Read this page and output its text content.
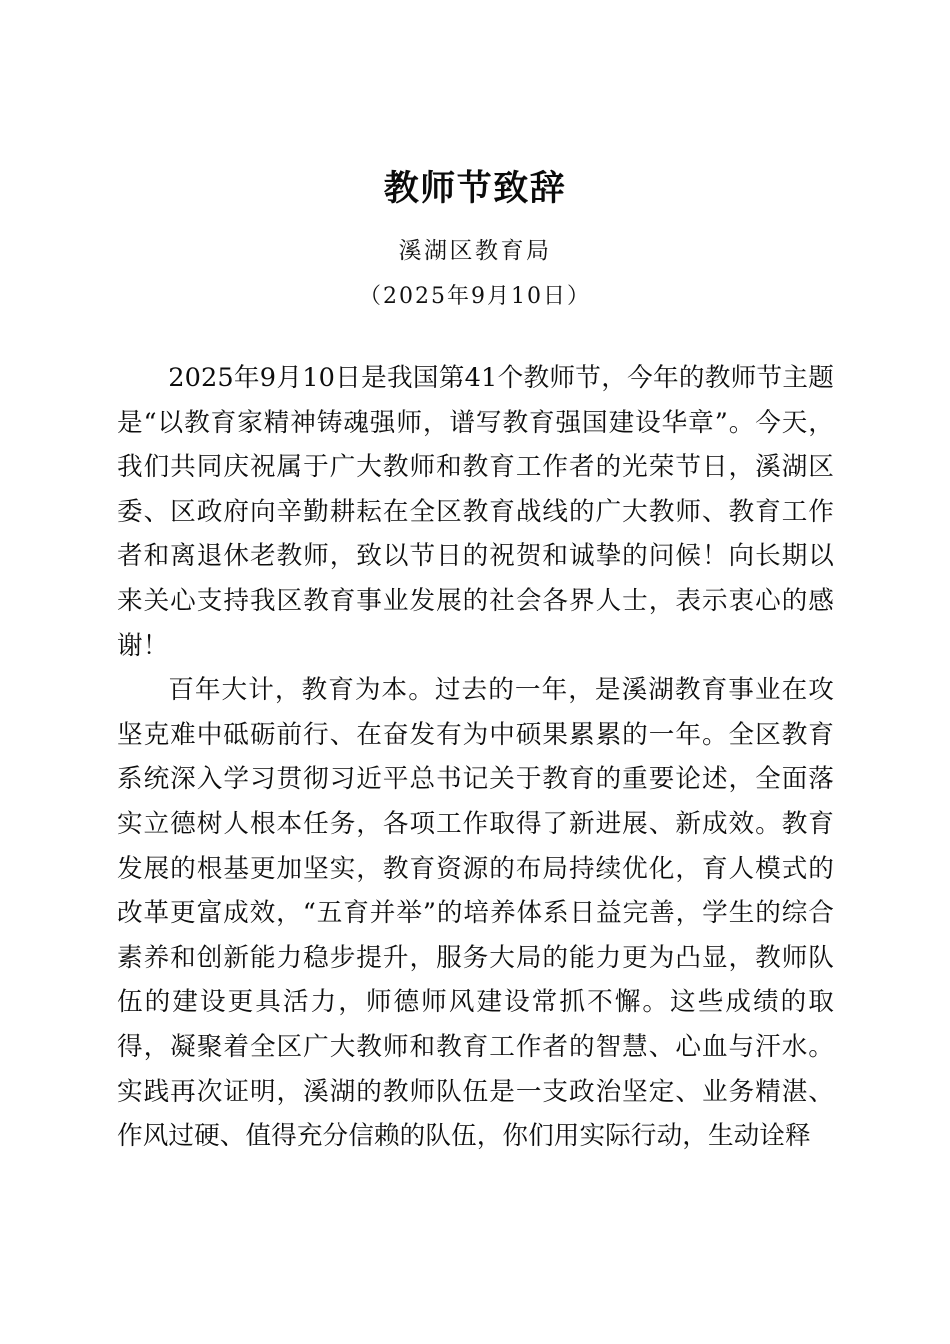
教师节致辞
溪湖区教育局
（2025年9月10日）

2025年9月10日是我国第41个教师节，今年的教师节主题是“以教育家精神铸魂强师，谱写教育强国建设华章”。今天，我们共同庆祝属于广大教师和教育工作者的光荣节日，溪湖区委、区政府向辛勤耕耘在全区教育战线的广大教师、教育工作者和离退休老教师，致以节日的祝贺和诚挚的问候！向长期以来关心支持我区教育事业发展的社会各界人士，表示衷心的感谢！

百年大计，教育为本。过去的一年，是溪湖教育事业在攻坚克难中砥砺前行、在奋发有为中硕果累累的一年。全区教育系统深入学习贯彻习近平总书记关于教育的重要论述，全面落实立德树人根本任务，各项工作取得了新进展、新成效。教育发展的根基更加坚实，教育资源的布局持续优化，育人模式的改革更富成效，“五育并举”的培养体系日益完善，学生的综合素养和创新能力稳步提升，服务大局的能力更为凸显，教师队伍的建设更具活力，师德师风建设常抓不懈。这些成绩的取得，凝聚着全区广大教师和教育工作者的智慧、心血与汗水。实践再次证明，溪湖的教师队伍是一支政治坚定、业务精湛、作风过硬、值得充分信赖的队伍，你们用实际行动，生动诠释
